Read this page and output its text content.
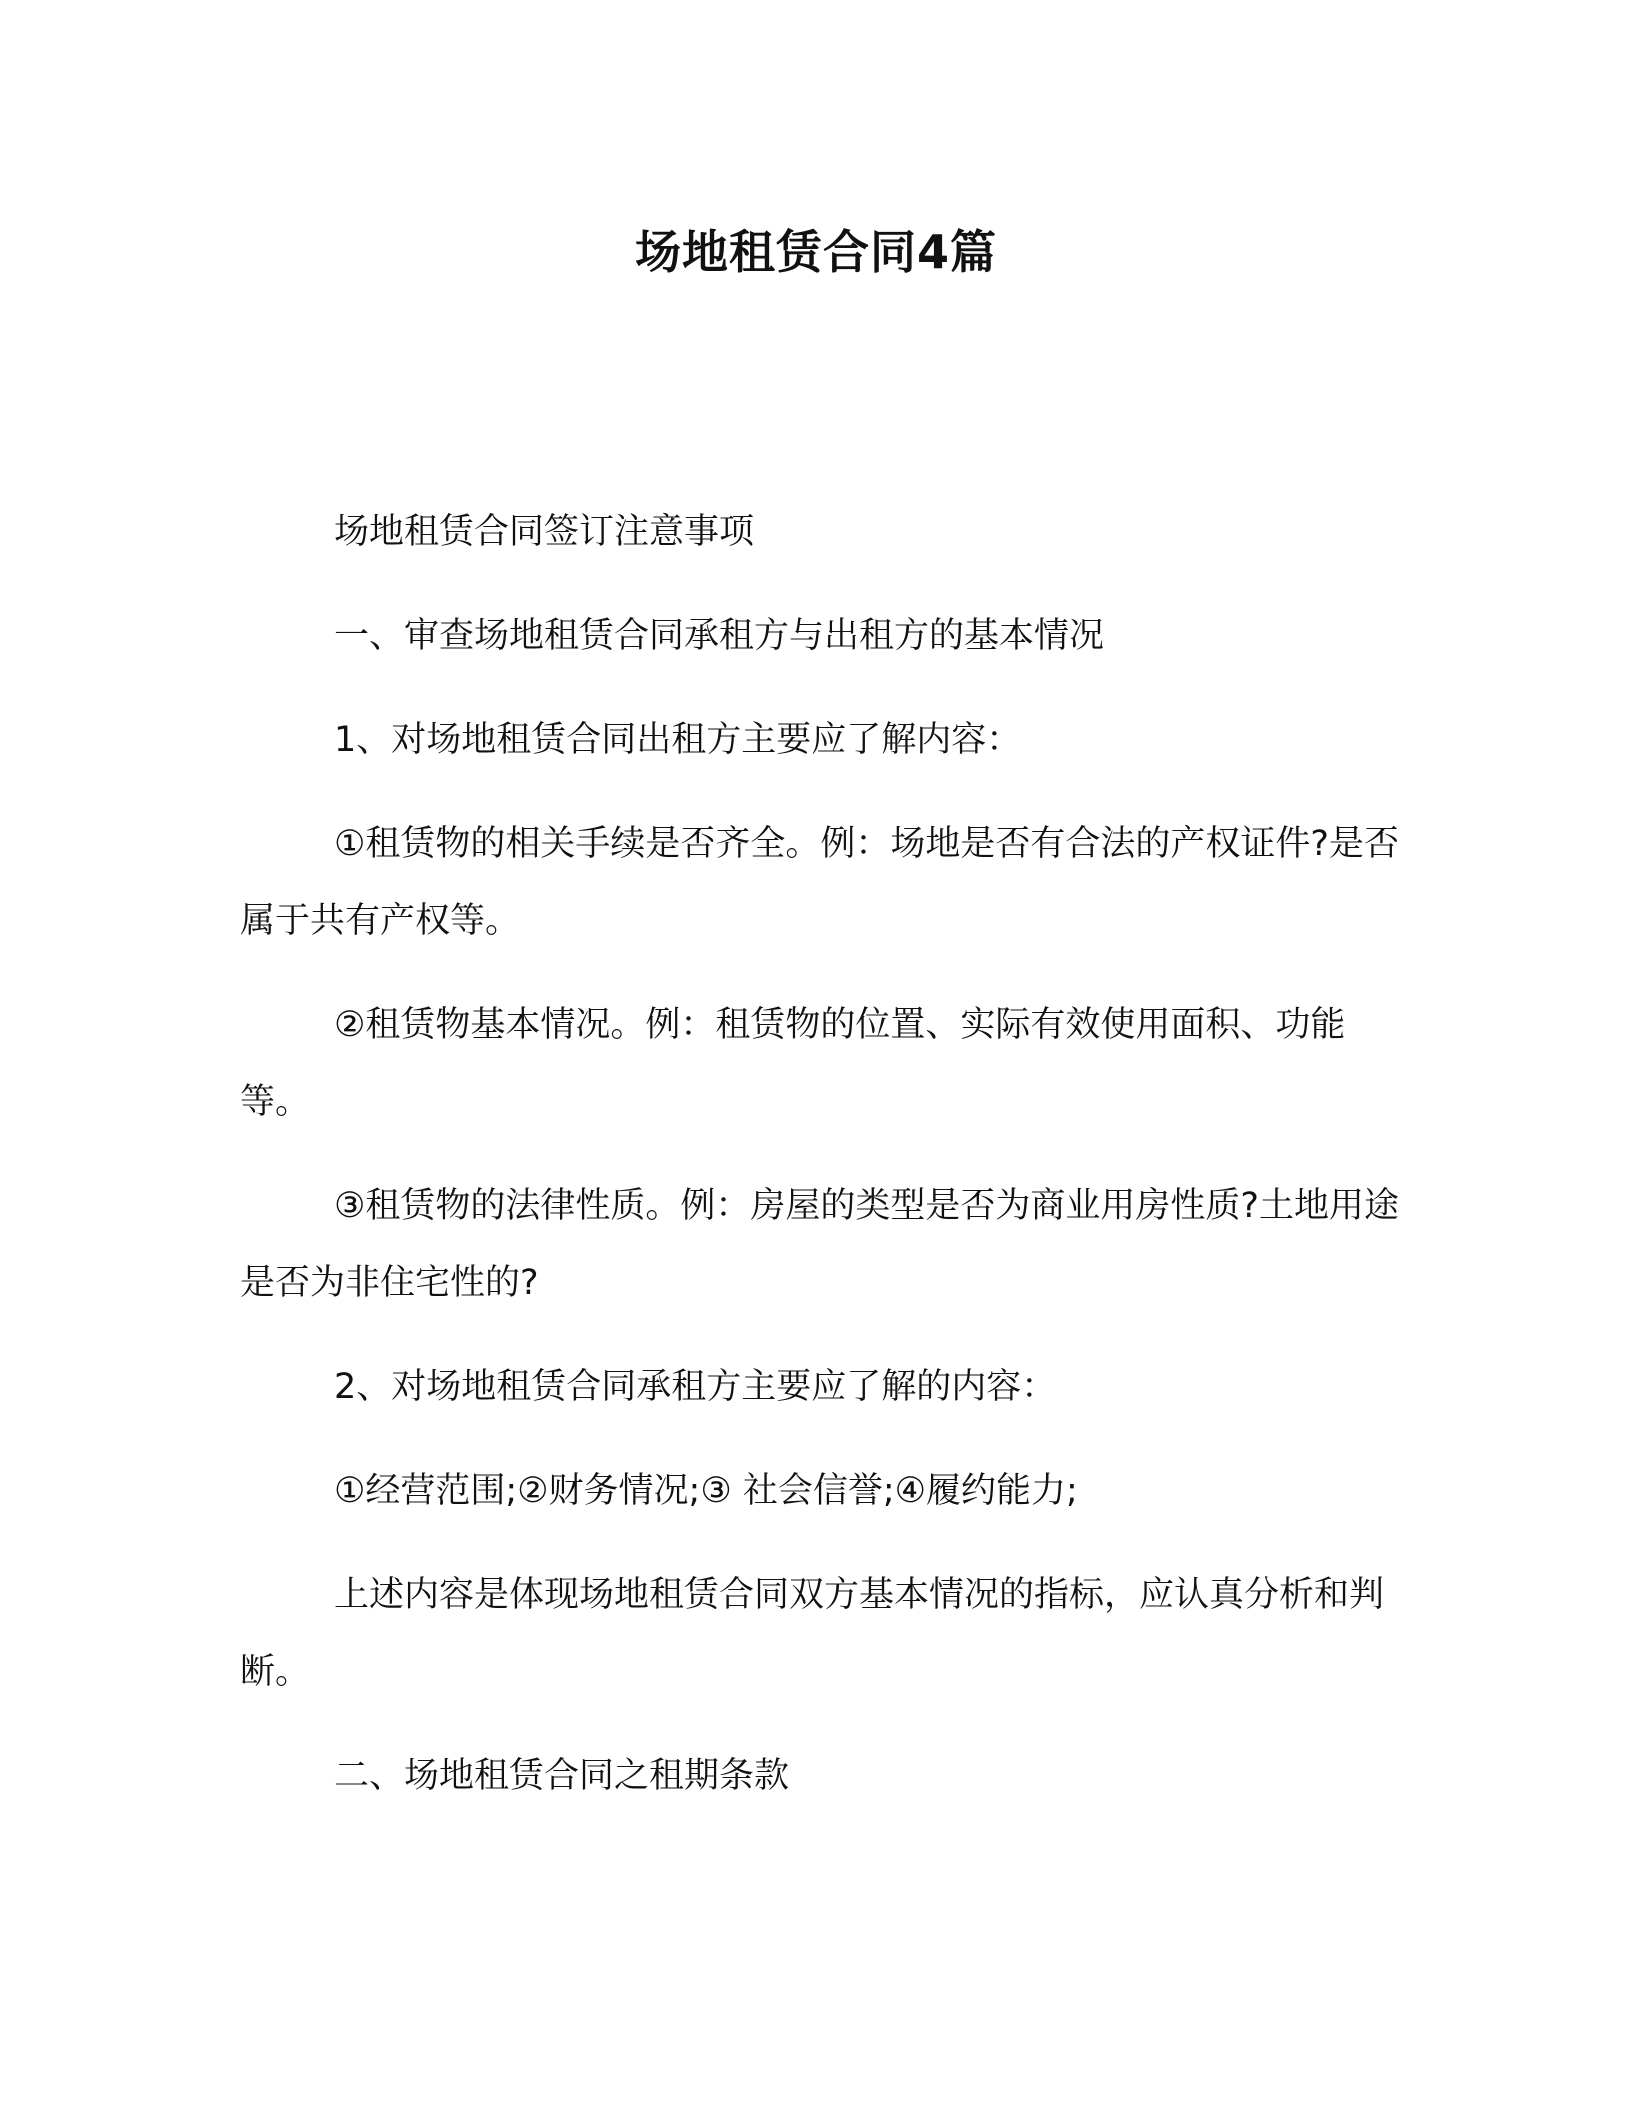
场地租赁合同4篇

场地租赁合同签订注意事项

一、审查场地租赁合同承租方与出租方的基本情况

1、对场地租赁合同出租方主要应了解内容：

①租赁物的相关手续是否齐全。例：场地是否有合法的产权证件?是否属于共有产权等。

②租赁物基本情况。例：租赁物的位置、实际有效使用面积、功能等。

③租赁物的法律性质。例：房屋的类型是否为商业用房性质?土地用途是否为非住宅性的?

2、对场地租赁合同承租方主要应了解的内容：

①经营范围;②财务情况;③ 社会信誉;④履约能力;

上述内容是体现场地租赁合同双方基本情况的指标，应认真分析和判断。

二、场地租赁合同之租期条款
